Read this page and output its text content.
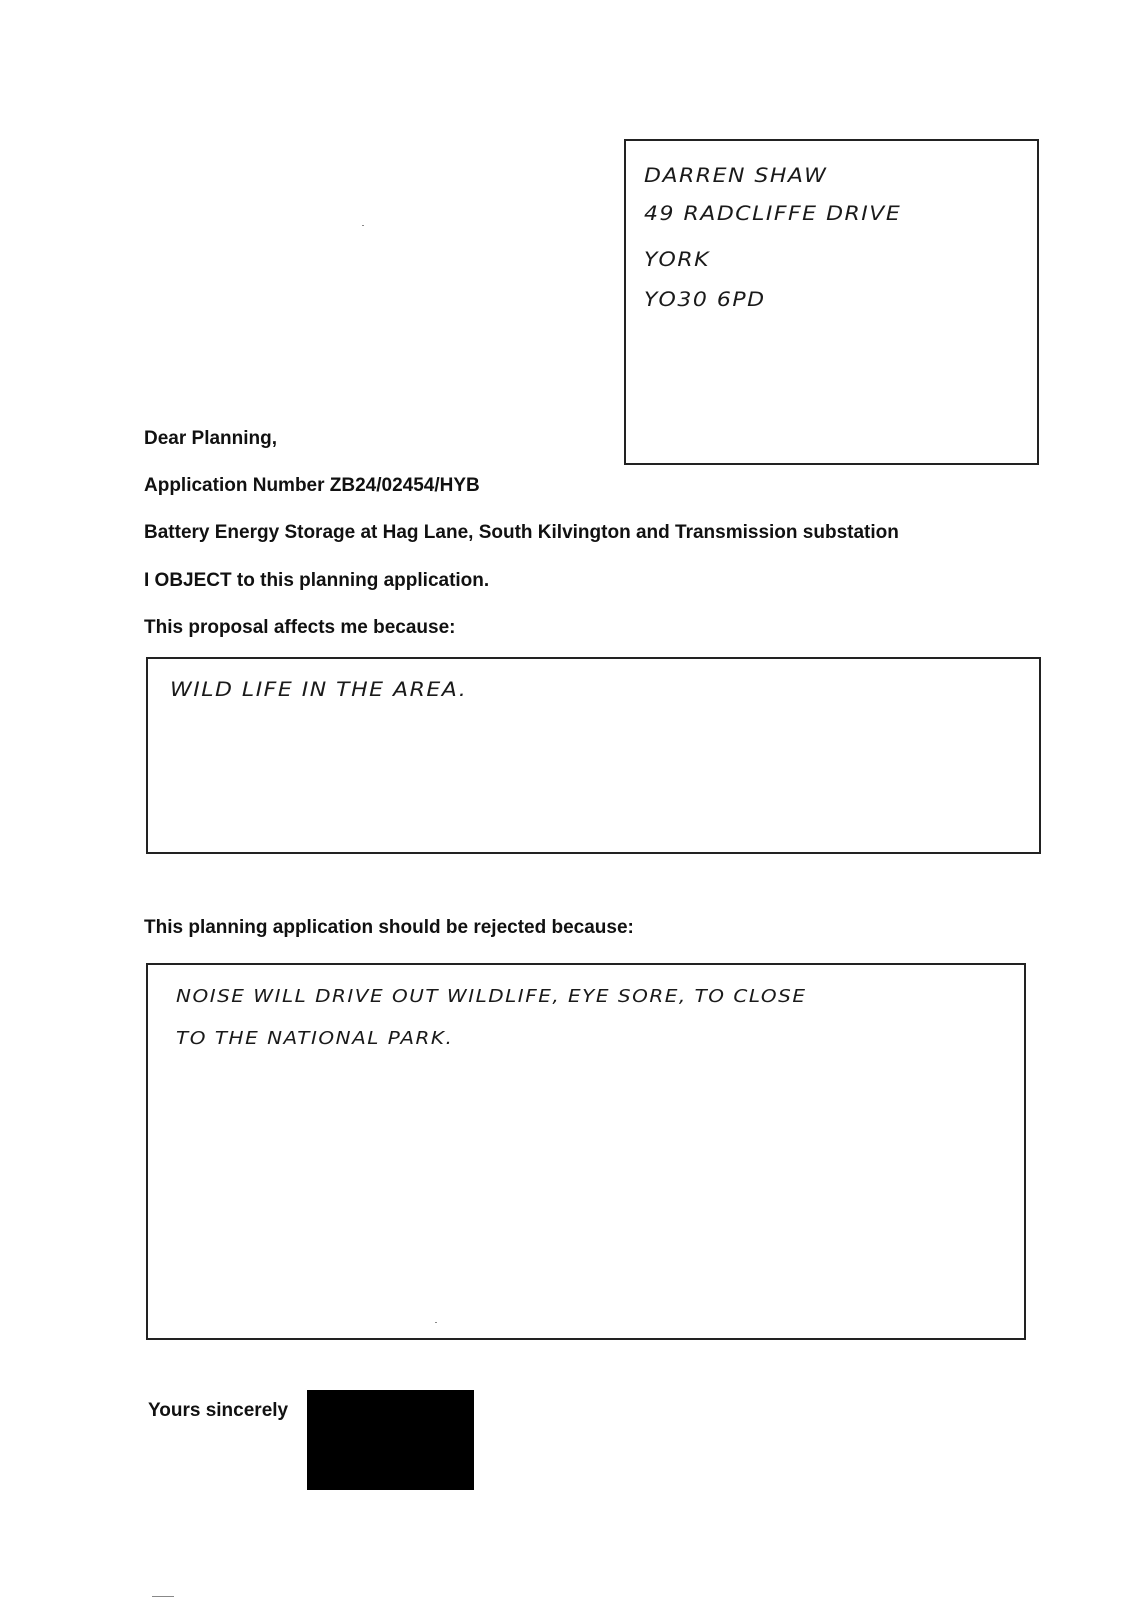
DARREN SHAW
49 RADCLIFFE DRIVE
YORK
YO30 6PD
Dear Planning,
Application Number ZB24/02454/HYB
Battery Energy Storage at Hag Lane, South Kilvington and Transmission substation
I OBJECT to this planning application.
This proposal affects me because:
WILD LIFE IN THE AREA.
This planning application should be rejected because:
NOISE WILL DRIVE OUT WILDLIFE, EYE SORE, TO CLOSE
TO THE NATIONAL PARK.
Yours sincerely
